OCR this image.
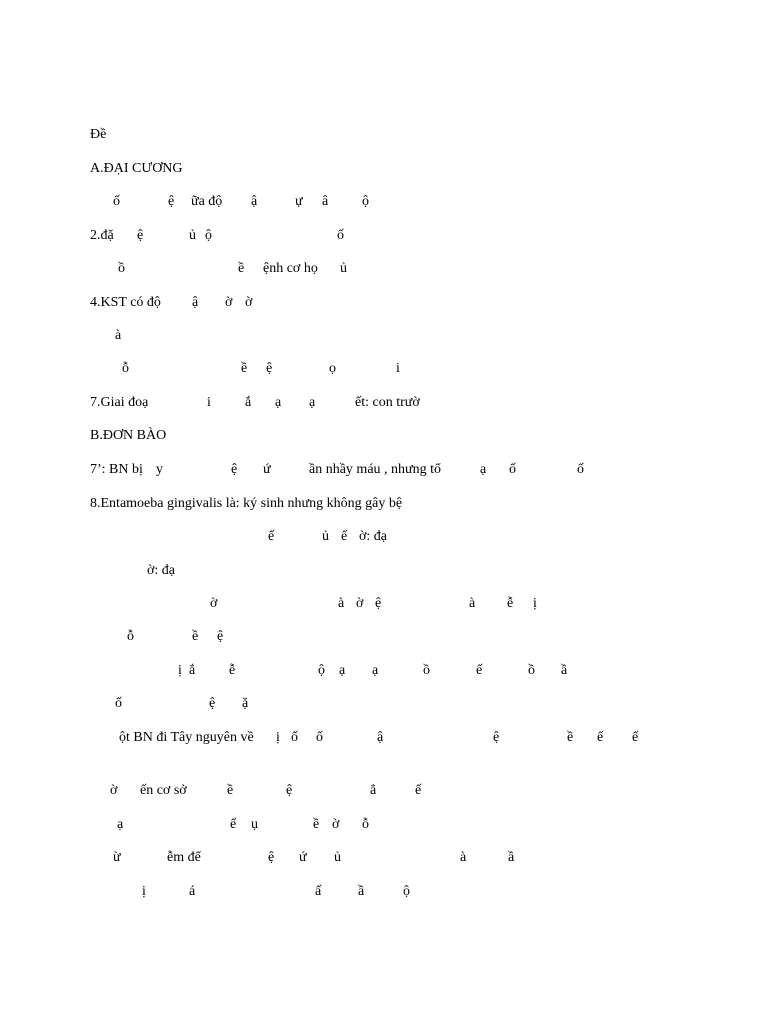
Đề

A.ĐẠI CƯƠNG

ố

	ệ

ữa độ

ậ

	ự

â

ộ

2.đặ

ệ

	ủ

ộ

	ố

ồ

	ề

ệnh cơ họ

ủ

4.KST có độ

ậ

ờ

ờ

à

ỗ

	ề

ệ

	ọ

	i

7.Giai đoạ

	i

ắ

ạ

ạ

	ết: con trườ

B.ĐƠN BÀO

7’: BN bị

y

	ệ

ứ

	ần nhầy máu , nhưng tổ

	ạ

ố

	ố

8.Entamoeba gingivalis là: ký sinh nhưng không gây bệ

ế

	ủ

ế

ờ: đạ

ờ: đạ

ờ

	à

ờ

ệ

	à

ễ

ị

ỗ

	ề

ệ

ị

ắ

ễ

	ộ

ạ

ạ

	ồ

	ế

	ồ

ầ

ố

	ệ

ặ

ột BN đi Tây nguyên về

ị

ố

ố

	ậ

	ệ

	ề

ế

ế

ờ

ến cơ sở

	ề

	ệ

	ẳ

	ế

ạ

	ế

ụ

	ề

ờ

ỗ

ừ

	ễm để

	ệ

ứ

ủ

	à

	ầ

ị

	á

	ấ

	ầ

	ộ
